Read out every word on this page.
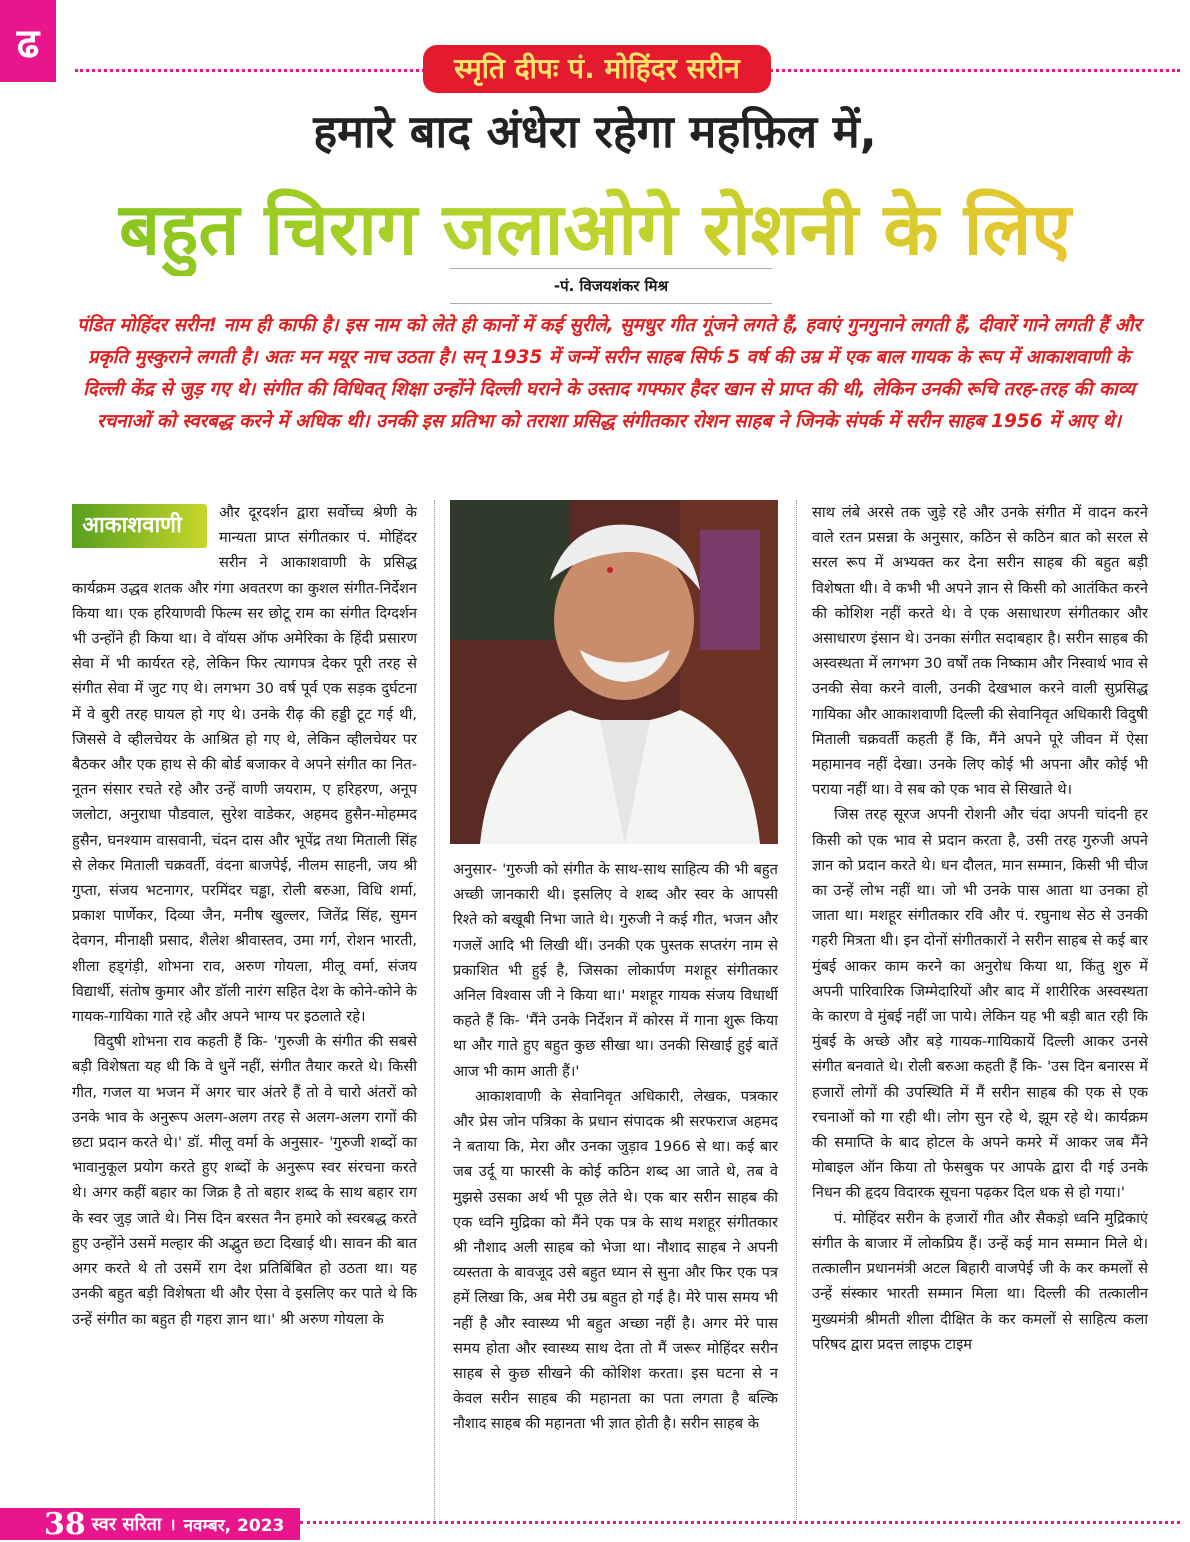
ढ
स्मृति दीपः पं. मोहिंदर सरीन
हमारे बाद अंधेरा रहेगा महफ़िल में,
बहुत चिराग जलाओगे रोशनी के लिए
-पं. विजयशंकर मिश्र
पंडित मोहिंदर सरीन! नाम ही काफी है। इस नाम को लेते ही कानों में कई सुरीले, सुमधुर गीत गूंजने लगते हैं, हवाएं गुनगुनाने लगती हैं, दीवारें गाने लगती हैं और प्रकृति मुस्कुराने लगती है। अतः मन मयूर नाच उठता है। सन् 1935 में जन्में सरीन साहब सिर्फ 5 वर्ष की उम्र में एक बाल गायक के रूप में आकाशवाणी के दिल्ली केंद्र से जुड़ गए थे। संगीत की विधिवत् शिक्षा उन्होंने दिल्ली घराने के उस्ताद गफ्फार हैदर खान से प्राप्त की थी, लेकिन उनकी रूचि तरह-तरह की काव्य रचनाओं को स्वरबद्ध करने में अधिक थी। उनकी इस प्रतिभा को तराशा प्रसिद्ध संगीतकार रोशन साहब ने जिनके संपर्क में सरीन साहब 1956 में आए थे।
आकाशवाणी

और दूरदर्शन द्वारा सर्वोच्च श्रेणी के मान्यता प्राप्त संगीतकार पं. मोहिंदर सरीन ने आकाशवाणी के प्रसिद्ध कार्यक्रम उद्धव शतक और गंगा अवतरण का कुशल संगीत-निर्देशन किया था। एक हरियाणवी फिल्म सर छोटू राम का संगीत दिग्दर्शन भी उन्होंने ही किया था। वे वॉयस ऑफ अमेरिका के हिंदी प्रसारण सेवा में भी कार्यरत रहे, लेकिन फिर त्यागपत्र देकर पूरी तरह से संगीत सेवा में जुट गए थे। लगभग 30 वर्ष पूर्व एक सड़क दुर्घटना में वे बुरी तरह घायल हो गए थे। उनके रीढ़ की हड्डी टूट गई थी, जिससे वे व्हीलचेयर के आश्रित हो गए थे, लेकिन व्हीलचेयर पर बैठकर और एक हाथ से की बोर्ड बजाकर वे अपने संगीत का नित-नूतन संसार रचते रहे और उन्हें वाणी जयराम, ए हरिहरण, अनूप जलोटा, अनुराधा पौडवाल, सुरेश वाडेकर, अहमद हुसैन-मोहम्मद हुसैन, घनश्याम वासवानी, चंदन दास और भूपेंद्र तथा मिताली सिंह से लेकर मिताली चक्रवर्ती, वंदना बाजपेई, नीलम साहनी, जय श्री गुप्ता, संजय भटनागर, परमिंदर चड्ढा, रोली बरुआ, विधि शर्मा, प्रकाश पार्णेकर, दिव्या जैन, मनीष खुल्लर, जितेंद्र सिंह, सुमन देवगन, मीनाक्षी प्रसाद, शैलेश श्रीवास्तव, उमा गर्ग, रोशन भारती, शीला हड्गंड़ी, शोभना राव, अरुण गोयला, मीलू वर्मा, संजय विद्यार्थी, संतोष कुमार और डॉली नारंग सहित देश के कोने-कोने के गायक-गायिका गाते रहे और अपने भाग्य पर इठलाते रहे।

विदुषी शोभना राव कहती हैं कि- 'गुरुजी के संगीत की सबसे बड़ी विशेषता यह थी कि वे धुनें नहीं, संगीत तैयार करते थे। किसी गीत, गजल या भजन में अगर चार अंतरे हैं तो वे चारो अंतरों को उनके भाव के अनुरूप अलग-अलग तरह से अलग-अलग रागों की छटा प्रदान करते थे।' डॉ. मीलू वर्मा के अनुसार- 'गुरुजी शब्दों का भावानुकूल प्रयोग करते हुए शब्दों के अनुरूप स्वर संरचना करते थे। अगर कहीं बहार का जिक्र है तो बहार शब्द के साथ बहार राग के स्वर जुड़ जाते थे। निस दिन बरसत नैन हमारे को स्वरबद्ध करते हुए उन्होंने उसमें मल्हार की अद्भुत छटा दिखाई थी। सावन की बात अगर करते थे तो उसमें राग देश प्रतिबिंबित हो उठता था। यह उनकी बहुत बड़ी विशेषता थी और ऐसा वे इसलिए कर पाते थे कि उन्हें संगीत का बहुत ही गहरा ज्ञान था।' श्री अरुण गोयला के

अनुसार- 'गुरुजी को संगीत के साथ-साथ साहित्य की भी बहुत अच्छी जानकारी थी। इसलिए वे शब्द और स्वर के आपसी रिश्ते को बखूबी निभा जाते थे। गुरुजी ने कई गीत, भजन और गजलें आदि भी लिखी थीं। उनकी एक पुस्तक सप्तरंग नाम से प्रकाशित भी हुई है, जिसका लोकार्पण मशहूर संगीतकार अनिल विश्वास जी ने किया था।' मशहूर गायक संजय विधार्थी कहते हैं कि- 'मैंने उनके निर्देशन में कोरस में गाना शुरू किया था और गाते हुए बहुत कुछ सीखा था। उनकी सिखाई हुई बातें आज भी काम आती हैं।'

आकाशवाणी के सेवानिवृत अधिकारी, लेखक, पत्रकार और प्रेस जोन पत्रिका के प्रधान संपादक श्री सरफराज अहमद ने बताया कि, मेरा और उनका जुड़ाव 1966 से था। कई बार जब उर्दू या फारसी के कोई कठिन शब्द आ जाते थे, तब वे मुझसे उसका अर्थ भी पूछ लेते थे। एक बार सरीन साहब की एक ध्वनि मुद्रिका को मैंने एक पत्र के साथ मशहूर संगीतकार श्री नौशाद अली साहब को भेजा था। नौशाद साहब ने अपनी व्यस्तता के बावजूद उसे बहुत ध्यान से सुना और फिर एक पत्र हमें लिखा कि, अब मेरी उम्र बहुत हो गई है। मेरे पास समय भी नहीं है और स्वास्थ्य भी बहुत अच्छा नहीं है। अगर मेरे पास समय होता और स्वास्थ्य साथ देता तो मैं जरूर मोहिंदर सरीन साहब से कुछ सीखने की कोशिश करता। इस घटना से न केवल सरीन साहब की महानता का पता लगता है बल्कि नौशाद साहब की महानता भी ज्ञात होती है। सरीन साहब के

साथ लंबे अरसे तक जुड़े रहे और उनके संगीत में वादन करने वाले रतन प्रसन्ना के अनुसार, कठिन से कठिन बात को सरल से सरल रूप में अभ्यक्त कर देना सरीन साहब की बहुत बड़ी विशेषता थी। वे कभी भी अपने ज्ञान से किसी को आतंकित करने की कोशिश नहीं करते थे। वे एक असाधारण संगीतकार और असाधारण इंसान थे। उनका संगीत सदाबहार है। सरीन साहब की अस्वस्थता में लगभग 30 वर्षों तक निष्काम और निस्वार्थ भाव से उनकी सेवा करने वाली, उनकी देखभाल करने वाली सुप्रसिद्ध गायिका और आकाशवाणी दिल्ली की सेवानिवृत अधिकारी विदुषी मिताली चक्रवर्ती कहती हैं कि, मैंने अपने पूरे जीवन में ऐसा महामानव नहीं देखा। उनके लिए कोई भी अपना और कोई भी पराया नहीं था। वे सब को एक भाव से सिखाते थे।

जिस तरह सूरज अपनी रोशनी और चंदा अपनी चांदनी हर किसी को एक भाव से प्रदान करता है, उसी तरह गुरुजी अपने ज्ञान को प्रदान करते थे। धन दौलत, मान सम्मान, किसी भी चीज का उन्हें लोभ नहीं था। जो भी उनके पास आता था उनका हो जाता था। मशहूर संगीतकार रवि और पं. रघुनाथ सेठ से उनकी गहरी मित्रता थी। इन दोनों संगीतकारों ने सरीन साहब से कई बार मुंबई आकर काम करने का अनुरोध किया था, किंतु शुरु में अपनी पारिवारिक जिम्मेदारियों और बाद में शारीरिक अस्वस्थता के कारण वे मुंबई नहीं जा पाये। लेकिन यह भी बड़ी बात रही कि मुंबई के अच्छे और बड़े गायक-गायिकायें दिल्ली आकर उनसे संगीत बनवाते थे। रोली बरुआ कहती हैं कि- 'उस दिन बनारस में हजारों लोगों की उपस्थिति में मैं सरीन साहब की एक से एक रचनाओं को गा रही थी। लोग सुन रहे थे, झूम रहे थे। कार्यक्रम की समाप्ति के बाद होटल के अपने कमरे में आकर जब मैंने मोबाइल ऑन किया तो फेसबुक पर आपके द्वारा दी गई उनके निधन की हृदय विदारक सूचना पढ़कर दिल धक से हो गया।'

पं. मोहिंदर सरीन के हजारों गीत और सैकड़ो ध्वनि मुद्रिकाएं संगीत के बाजार में लोकप्रिय हैं। उन्हें कई मान सम्मान मिले थे। तत्कालीन प्रधानमंत्री अटल बिहारी वाजपेई जी के कर कमलों से उन्हें संस्कार भारती सम्मान मिला था। दिल्ली की तत्कालीन मुख्यमंत्री श्रीमती शीला दीक्षित के कर कमलों से साहित्य कला परिषद द्वारा प्रदत्त लाइफ टाइम

38 स्वर सरिता । नवम्बर, 2023
